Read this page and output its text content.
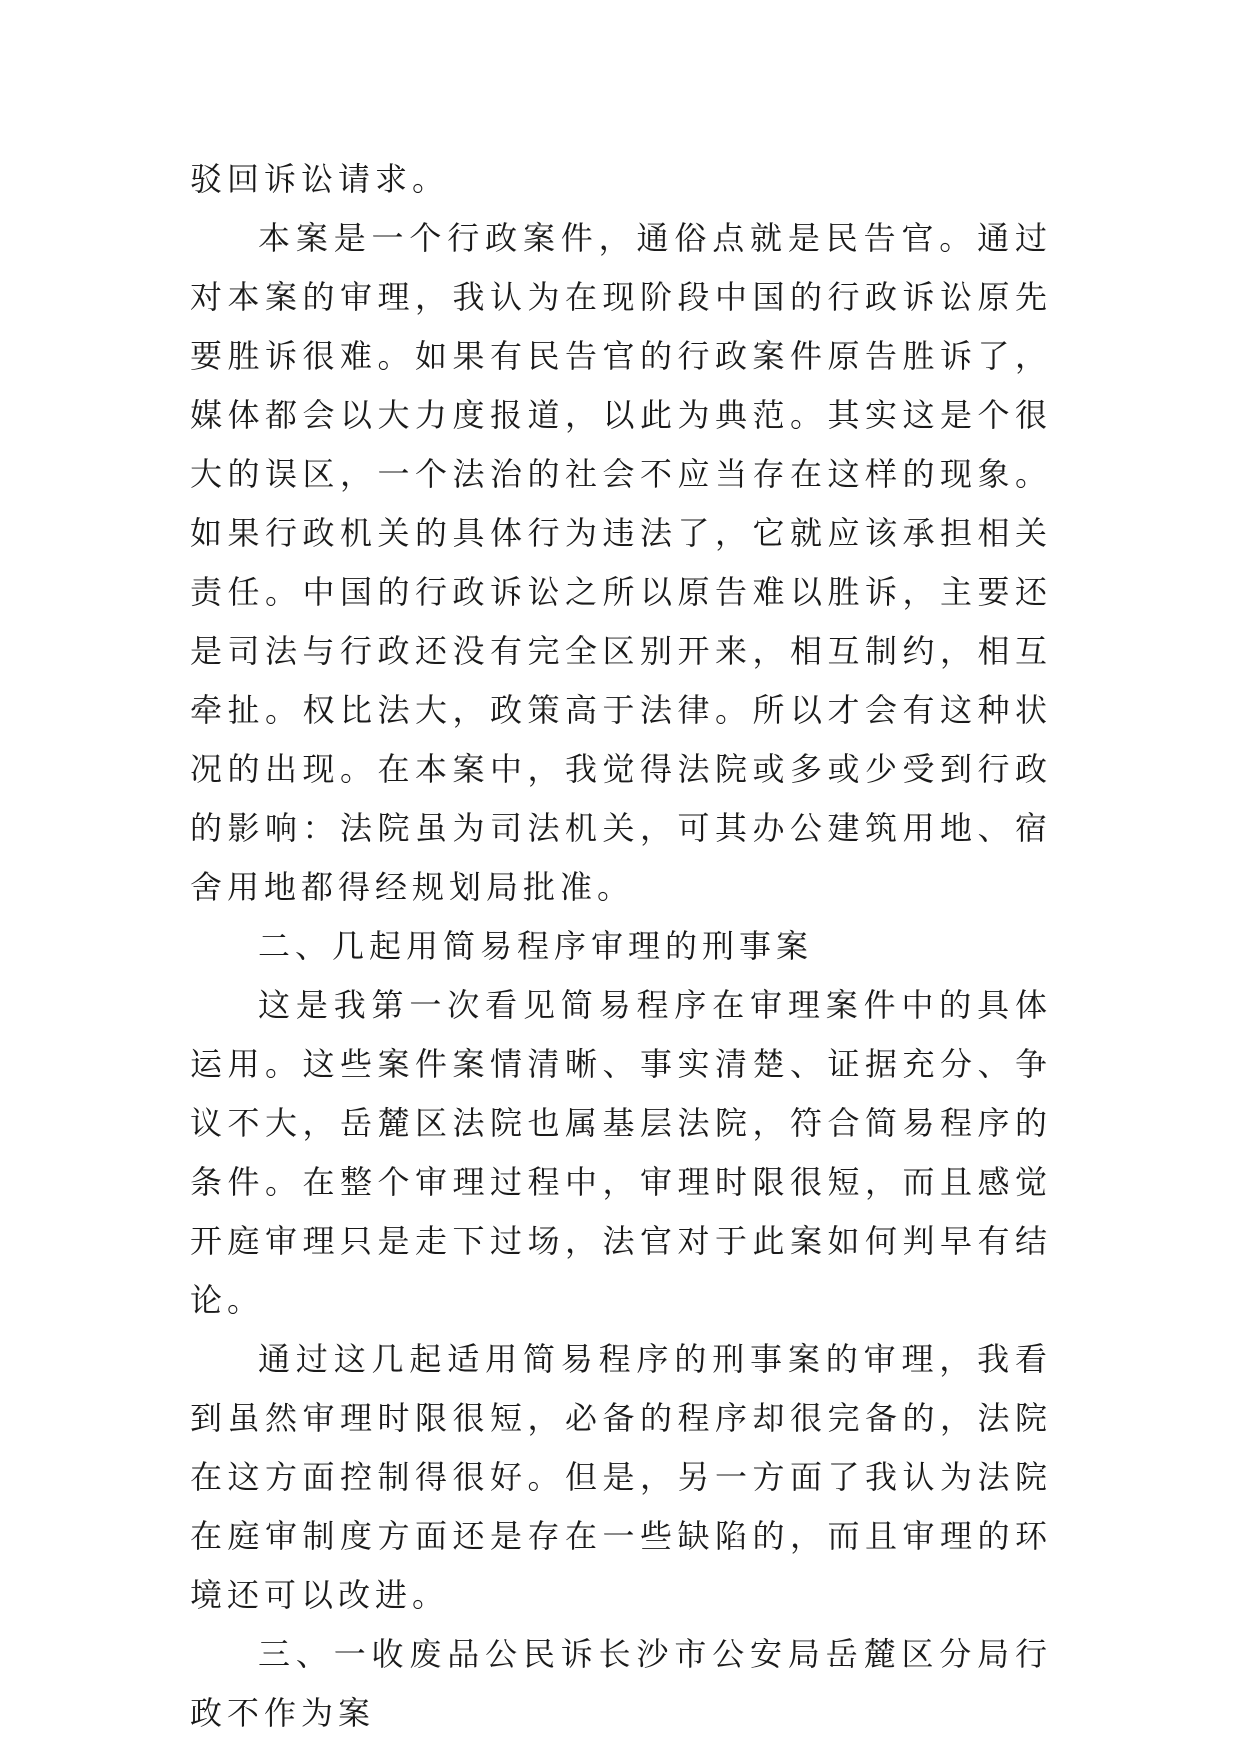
驳回诉讼请求。

本案是一个行政案件，通俗点就是民告官。通过对本案的审理，我认为在现阶段中国的行政诉讼原先要胜诉很难。如果有民告官的行政案件原告胜诉了，媒体都会以大力度报道，以此为典范。其实这是个很大的误区，一个法治的社会不应当存在这样的现象。如果行政机关的具体行为违法了，它就应该承担相关责任。中国的行政诉讼之所以原告难以胜诉，主要还是司法与行政还没有完全区别开来，相互制约，相互牵扯。权比法大，政策高于法律。所以才会有这种状况的出现。在本案中，我觉得法院或多或少受到行政的影响：法院虽为司法机关，可其办公建筑用地、宿舍用地都得经规划局批准。

二、几起用简易程序审理的刑事案

这是我第一次看见简易程序在审理案件中的具体运用。这些案件案情清晰、事实清楚、证据充分、争议不大，岳麓区法院也属基层法院，符合简易程序的条件。在整个审理过程中，审理时限很短，而且感觉开庭审理只是走下过场，法官对于此案如何判早有结论。

通过这几起适用简易程序的刑事案的审理，我看到虽然审理时限很短，必备的程序却很完备的，法院在这方面控制得很好。但是，另一方面了我认为法院在庭审制度方面还是存在一些缺陷的，而且审理的环境还可以改进。

三、一收废品公民诉长沙市公安局岳麓区分局行政不作为案
